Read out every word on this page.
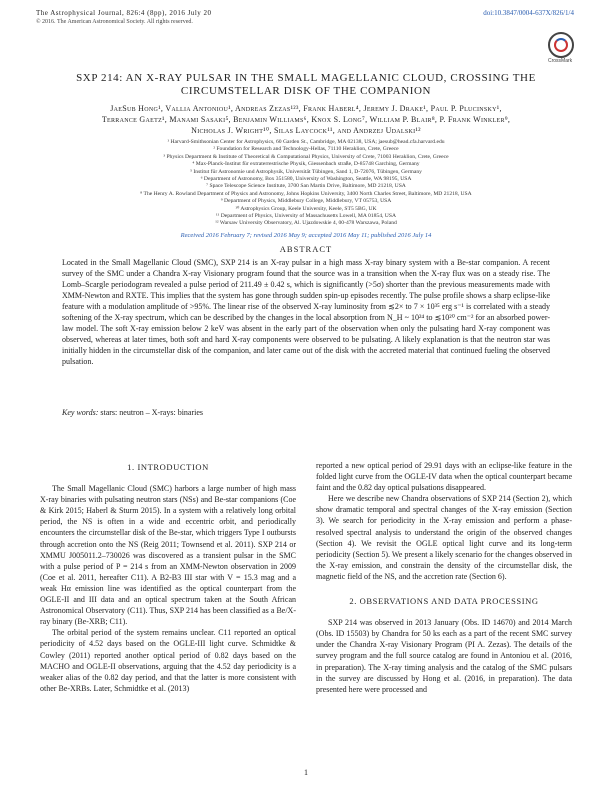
The Astrophysical Journal, 826:4 (8pp), 2016 July 20
© 2016. The American Astronomical Society. All rights reserved.
doi:10.3847/0004-637X/826/1/4
CrossMark
SXP 214: AN X-RAY PULSAR IN THE SMALL MAGELLANIC CLOUD, CROSSING THE CIRCUMSTELLAR DISK OF THE COMPANION
JaeSub Hong¹, Vallia Antoniou¹, Andreas Zezas¹²³, Frank Haberl⁴, Jeremy J. Drake¹, Paul P. Plucinsky¹,
Terrance Gaetz¹, Manami Sasaki⁵, Benjamin Williams⁶, Knox S. Long⁷, William P. Blair⁸, P. Frank Winkler⁹,
Nicholas J. Wright¹⁰, Silas Laycock¹¹, and Andrzej Udalski¹²
¹ Harvard-Smithsonian Center for Astrophysics, 60 Garden St., Cambridge, MA 02138, USA; jaesub@head.cfa.harvard.edu
² Foundation for Research and Technology-Hellas, 71110 Heraklion, Crete, Greece
³ Physics Department & Institute of Theoretical & Computational Physics, University of Crete, 71003 Heraklion, Crete, Greece
⁴ Max-Planck-Institut für extraterrestrische Physik, Giessenbach straße, D-85748 Garching, Germany
⁵ Institut für Astronomie und Astrophysik, Universität Tübingen, Sand 1, D-72076, Tübingen, Germany
⁶ Department of Astronomy, Box 351580, University of Washington, Seattle, WA 98195, USA
⁷ Space Telescope Science Institute, 3700 San Martin Drive, Baltimore, MD 21218, USA
⁸ The Henry A. Rowland Department of Physics and Astronomy, Johns Hopkins University, 3400 North Charles Street, Baltimore, MD 21218, USA
⁹ Department of Physics, Middlebury College, Middlebury, VT 05753, USA
¹⁰ Astrophysics Group, Keele University, Keele, ST5 5BG, UK
¹¹ Department of Physics, University of Massachusetts Lowell, MA 01854, USA
¹² Warsaw University Observatory, Al. Ujazdowskie 4, 00-478 Warszawa, Poland
Received 2016 February 7; revised 2016 May 9; accepted 2016 May 11; published 2016 July 14
ABSTRACT
Located in the Small Magellanic Cloud (SMC), SXP 214 is an X-ray pulsar in a high mass X-ray binary system with a Be-star companion. A recent survey of the SMC under a Chandra X-ray Visionary program found that the source was in a transition when the X-ray flux was on a steady rise. The Lomb–Scargle periodogram revealed a pulse period of 211.49 ± 0.42 s, which is significantly (>5σ) shorter than the previous measurements made with XMM-Newton and RXTE. This implies that the system has gone through sudden spin-up episodes recently. The pulse profile shows a sharp eclipse-like feature with a modulation amplitude of >95%. The linear rise of the observed X-ray luminosity from ≲2× to 7 × 10³⁵ erg s⁻¹ is correlated with a steady softening of the X-ray spectrum, which can be described by the changes in the local absorption from N_H ~ 10²⁴ to ≲10²⁰ cm⁻² for an absorbed power-law model. The soft X-ray emission below 2 keV was absent in the early part of the observation when only the pulsating hard X-ray component was observed, whereas at later times, both soft and hard X-ray components were observed to be pulsating. A likely explanation is that the neutron star was initially hidden in the circumstellar disk of the companion, and later came out of the disk with the accreted material that continued fueling the observed pulsation.
Key words: stars: neutron – X-rays: binaries
1. INTRODUCTION

The Small Magellanic Cloud (SMC) harbors a large number of high mass X-ray binaries with pulsating neutron stars (NSs) and Be-star companions (Coe & Kirk 2015; Haberl & Sturm 2015). In a system with a relatively long orbital period, the NS is often in a wide and eccentric orbit, and periodically encounters the circumstellar disk of the Be-star, which triggers Type I outbursts through accretion onto the NS (Reig 2011; Townsend et al. 2011). SXP 214 or XMMU J005011.2–730026 was discovered as a transient pulsar in the SMC with a pulse period of P = 214 s from an XMM-Newton observation in 2009 (Coe et al. 2011, hereafter C11). A B2-B3 III star with V = 15.3 mag and a weak Hα emission line was identified as the optical counterpart from the OGLE-II and III data and an optical spectrum taken at the South African Astronomical Observatory (C11). Thus, SXP 214 has been classified as a Be/X-ray binary (Be-XRB; C11).

The orbital period of the system remains unclear. C11 reported an optical periodicity of 4.52 days based on the OGLE-III light curve. Schmidtke & Cowley (2011) reported another optical period of 0.82 days based on the MACHO and OGLE-II observations, arguing that the 4.52 day periodicity is a weaker alias of the 0.82 day period, and that the latter is more consistent with other Be-XRBs. Later, Schmidtke et al. (2013)

reported a new optical period of 29.91 days with an eclipse-like feature in the folded light curve from the OGLE-IV data when the optical counterpart became faint and the 0.82 day optical pulsations disappeared.

Here we describe new Chandra observations of SXP 214 (Section 2), which show dramatic temporal and spectral changes of the X-ray emission (Section 3). We search for periodicity in the X-ray emission and perform a phase-resolved spectral analysis to understand the origin of the observed changes (Section 4). We revisit the OGLE optical light curve and its long-term periodicity (Section 5). We present a likely scenario for the changes observed in the X-ray emission, and constrain the density of the circumstellar disk, the magnetic field of the NS, and the accretion rate (Section 6).

2. OBSERVATIONS AND DATA PROCESSING

SXP 214 was observed in 2013 January (Obs. ID 14670) and 2014 March (Obs. ID 15503) by Chandra for 50 ks each as a part of the recent SMC survey under the Chandra X-ray Visionary Program (PI A. Zezas). The details of the survey program and the full source catalog are found in Antoniou et al. (2016, in preparation). The X-ray timing analysis and the catalog of the SMC pulsars in the survey are discussed by Hong et al. (2016, in preparation). The data presented here were processed and

1
